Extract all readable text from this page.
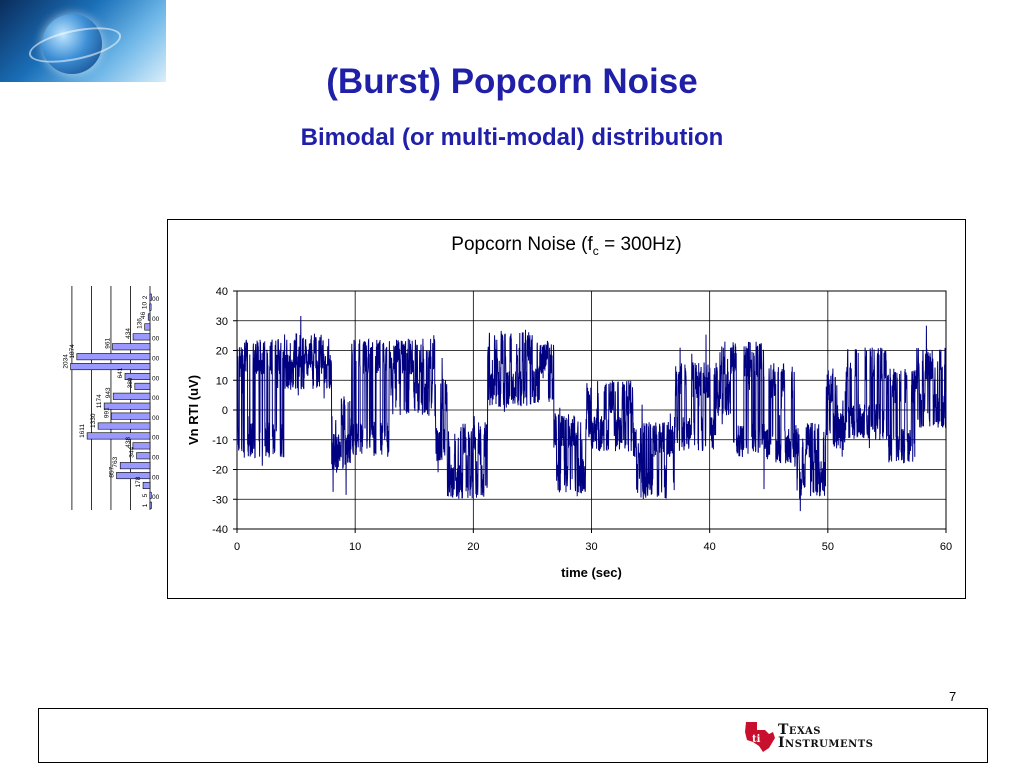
(Burst) Popcorn Noise
Bimodal (or multi-modal) distribution
2
10
46
136
434
961
1874
2034
641
389
943
1174
991
1330
1611
438
344
763
857
178
5
1
00
00
00
00
00
00
00
00
00
00
00
Popcorn Noise $(f_c = 300Hz)$
40
30
20
10
0
-10
-20
-30
-40
0	10	20	30	40	50	60
time (sec)
Vn RTI (uV)
7
ti
Texas
Instruments
